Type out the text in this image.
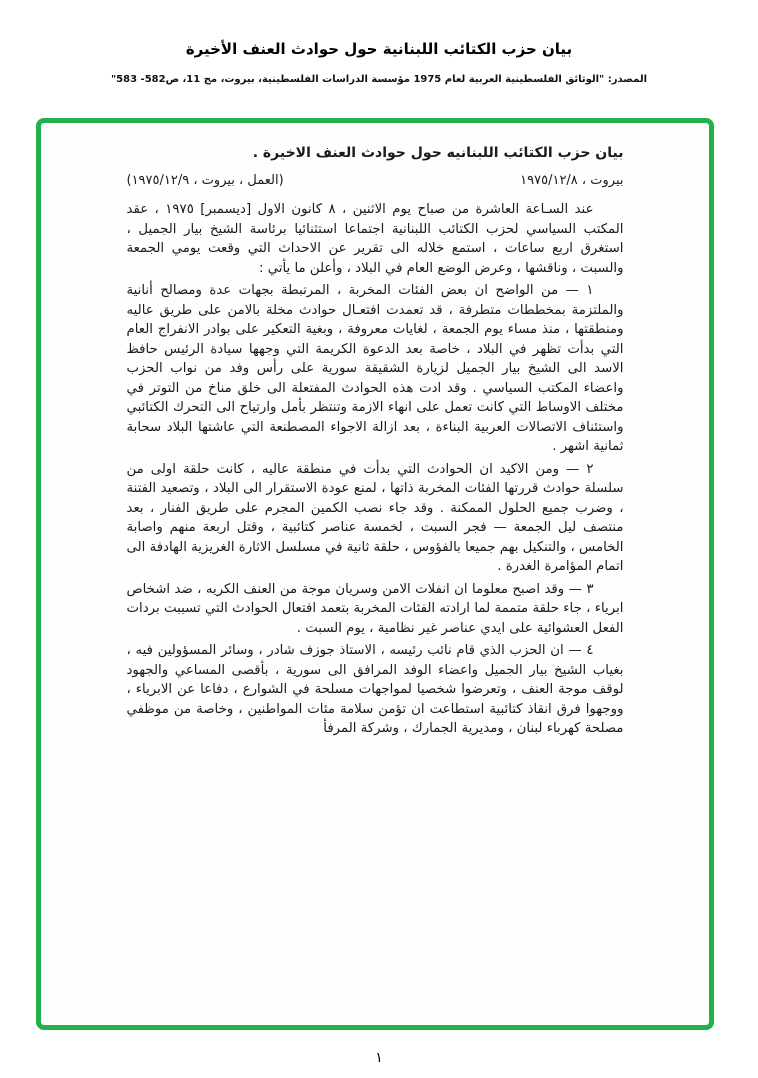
بيان حزب الكتائب اللبنانية حول حوادث العنف الأخيرة
المصدر: "الوثائق الفلسطينية العربية لعام 1975 مؤسسة الدراسات الفلسطينية، بيروت، مج 11، ص582- 583"
بيان حزب الكتائب اللبنانيه حول حوادث العنف الاخيرة .
بيروت ، ١٩٧٥/١٢/٨
(العمل ، بيروت ، ١٩٧٥/١٢/٩)

عند السـاعة العاشرة من صباح يوم الاثنين ، ٨ كانون الاول [ديسمبر] ١٩٧٥ ، عقد المكتب السياسي لحزب الكتائب اللبنانية اجتماعا استثنائيا برئاسة الشيخ بيار الجميل ، استغرق اربع ساعات ، استمع خلاله الى تقرير عن الاحداث التي وقعت يومي الجمعة والسبت ، وناقشها ، وعرض الوضع العام في البلاد ، وأعلن ما يأتي :

١ — من الواضح ان بعض الفئات المخربة ، المرتبطة بجهات عدة ومصالح أنانية والملتزمة بمخططات متطرفة ، قد تعمدت افتعـال حوادث مخلة بالامن على طريق عاليه ومنطقتها ، منذ مساء يوم الجمعة ، لغايات معروفة ، وبغية التعكير على بوادر الانفراج العام التي بدأت تظهر في البلاد ، خاصة بعد الدعوة الكريمة التي وجهها سيادة الرئيس حافظ الاسد الى الشيخ بيار الجميل لزيارة الشقيقة سورية على رأس وفد من نواب الحزب واعضاء المكتب السياسي . وقد ادت هذه الحوادث المفتعلة الى خلق مناخ من التوتر في مختلف الاوساط التي كانت تعمل على انهاء الازمة وتنتظر بأمل وارتياح الى التحرك الكتائبي واستئناف الاتصالات العربية البناءة ، بعد ازالة الاجواء المصطنعة التي عاشتها البلاد سحابة ثمانية اشهر .

٢ — ومن الاكيد ان الحوادث التي بدأت في منطقة عاليه ، كانت حلقة اولى من سلسلة حوادث قررتها الفئات المخربة ذاتها ، لمنع عودة الاستقرار الى البلاد ، وتصعيد الفتنة ، وضرب جميع الحلول الممكنة . وقد جاء نصب الكمين المجرم على طريق الفنار ، بعد منتصف ليل الجمعة — فجر السبت ، لخمسة عناصر كتائبية ، وقتل اربعة منهم واصابة الخامس ، والتنكيل بهم جميعا بالفؤوس ، حلقة ثانية في مسلسل الاثارة الغريزية الهادفة الى اتمام المؤامرة الغدرة .

٣ — وقد اصبح معلوما ان انفلات الامن وسريان موجة من العنف الكريه ، ضد اشخاص ابرياء ، جاء حلقة متممة لما ارادته الفئات المخربة بتعمد افتعال الحوادث التي تسببت بردات الفعل العشوائية على ايدي عناصر غير نظامية ، يوم السبت .

٤ — ان الحزب الذي قام نائب رئيسه ، الاستاذ جوزف شادر ، وسائر المسؤولين فيه ، بغياب الشيخ بيار الجميل واعضاء الوفد المرافق الى سورية ، بأقصى المساعي والجهود لوقف موجة العنف ، وتعرضوا شخصيا لمواجهات مسلحة في الشوارع ، دفاعا عن الابرياء ، ووجهوا فرق انقاذ كتائبية استطاعت ان تؤمن سلامة مئات المواطنين ، وخاصة من موظفي مصلحة كهرباء لبنان ، ومديرية الجمارك ، وشركة المرفأ

١
